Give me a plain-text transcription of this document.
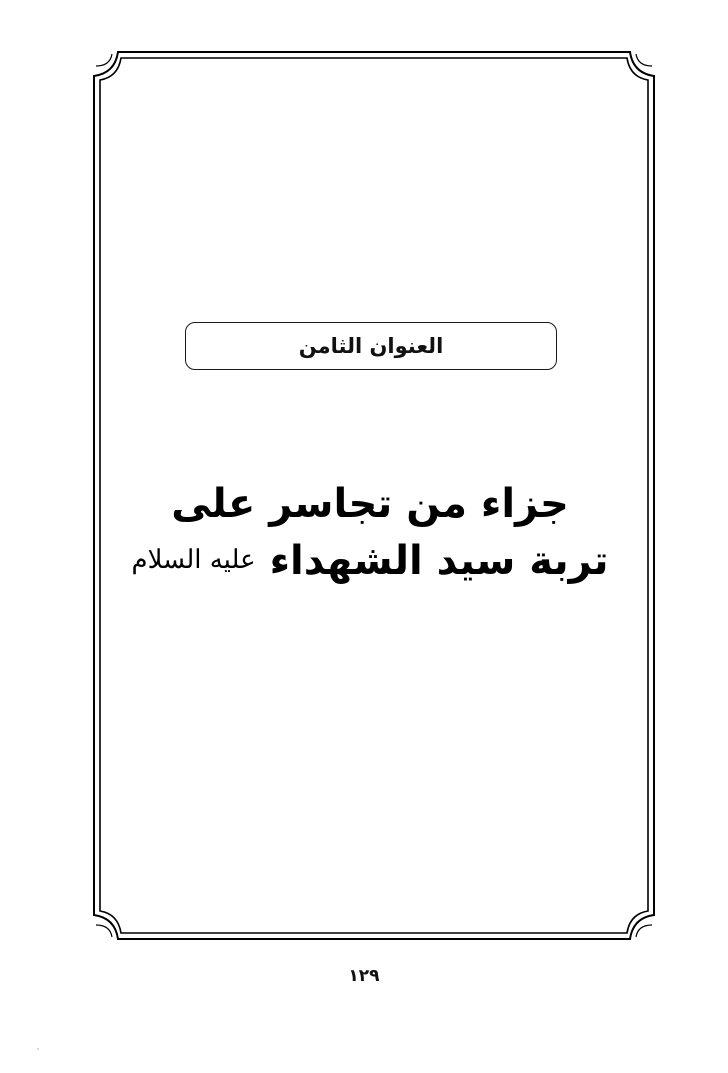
العنوان الثامن
جزاء من تجاسر على
تربة سيد الشهداء عليه السلام
١٢٩
